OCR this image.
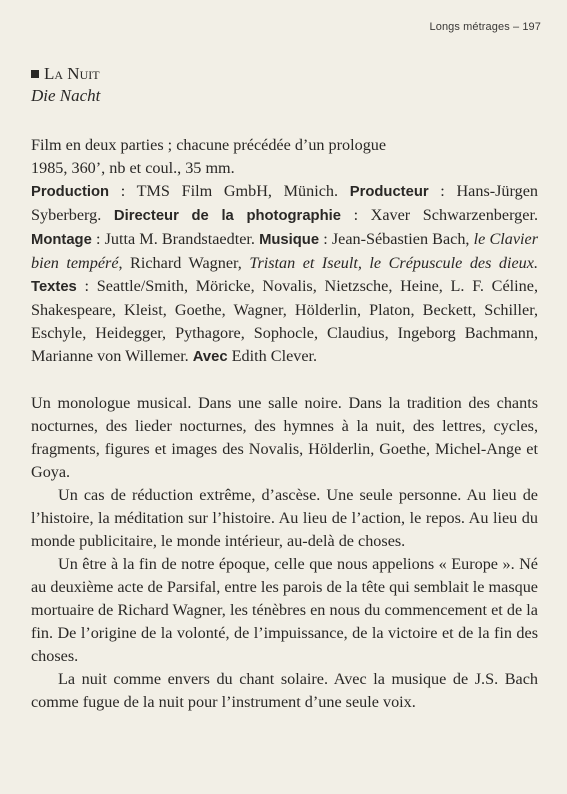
Longs métrages – 197
La Nuit
Die Nacht
Film en deux parties ; chacune précédée d’un prologue
1985, 360’, nb et coul., 35 mm.
Production : TMS Film GmbH, Münich. Producteur : Hans-Jürgen Syberberg. Directeur de la photographie : Xaver Schwarzenberger. Montage : Jutta M. Brandstaedter. Musique : Jean-Sébastien Bach, le Clavier bien tempéré, Richard Wagner, Tristan et Iseult, le Crépuscule des dieux. Textes : Seattle/Smith, Möricke, Novalis, Nietzsche, Heine, L. F. Céline, Shakespeare, Kleist, Goethe, Wagner, Hölderlin, Platon, Beckett, Schiller, Eschyle, Heidegger, Pythagore, Sophocle, Claudius, Ingeborg Bachmann, Marianne von Willemer. Avec Edith Clever.

Un monologue musical. Dans une salle noire. Dans la tradition des chants nocturnes, des lieder nocturnes, des hymnes à la nuit, des lettres, cycles, fragments, figures et images des Novalis, Hölderlin, Goethe, Michel-Ange et Goya.

Un cas de réduction extrême, d’ascèse. Une seule personne. Au lieu de l’histoire, la méditation sur l’histoire. Au lieu de l’action, le repos. Au lieu du monde publicitaire, le monde intérieur, au-delà de choses.

Un être à la fin de notre époque, celle que nous appelions « Europe ». Né au deuxième acte de Parsifal, entre les parois de la tête qui semblait le masque mortuaire de Richard Wagner, les ténèbres en nous du commencement et de la fin. De l’origine de la volonté, de l’impuissance, de la victoire et de la fin des choses.

La nuit comme envers du chant solaire. Avec la musique de J.S. Bach comme fugue de la nuit pour l’instrument d’une seule voix.
